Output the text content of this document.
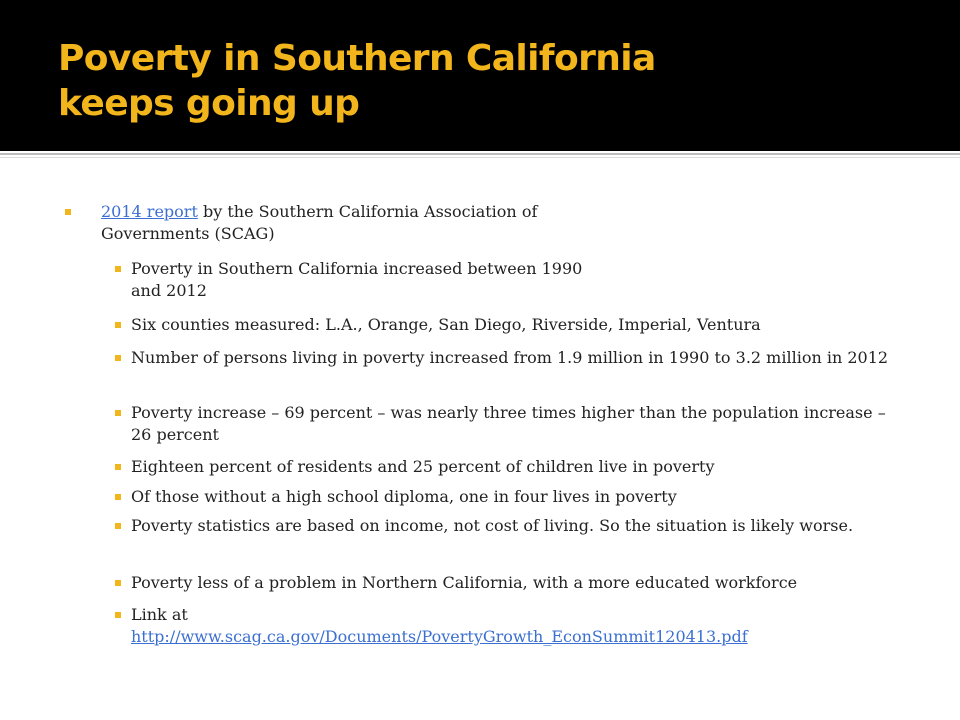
Poverty in Southern California
keeps going up
2014 report by the Southern California Association of Governments (SCAG)
Poverty in Southern California increased between 1990 and 2012
Six counties measured: L.A., Orange, San Diego, Riverside, Imperial, Ventura
Number of persons living in poverty increased from 1.9 million in 1990 to 3.2 million in 2012
Poverty increase – 69 percent – was nearly three times higher than the population increase – 26 percent
Eighteen percent of residents and 25 percent of children live in poverty
Of those without a high school diploma, one in four lives in poverty
Poverty statistics are based on income, not cost of living. So the situation is likely worse.
Poverty less of a problem in Northern California, with a more educated workforce
Link at
http://www.scag.ca.gov/Documents/PovertyGrowth_EconSummit120413.pdf
